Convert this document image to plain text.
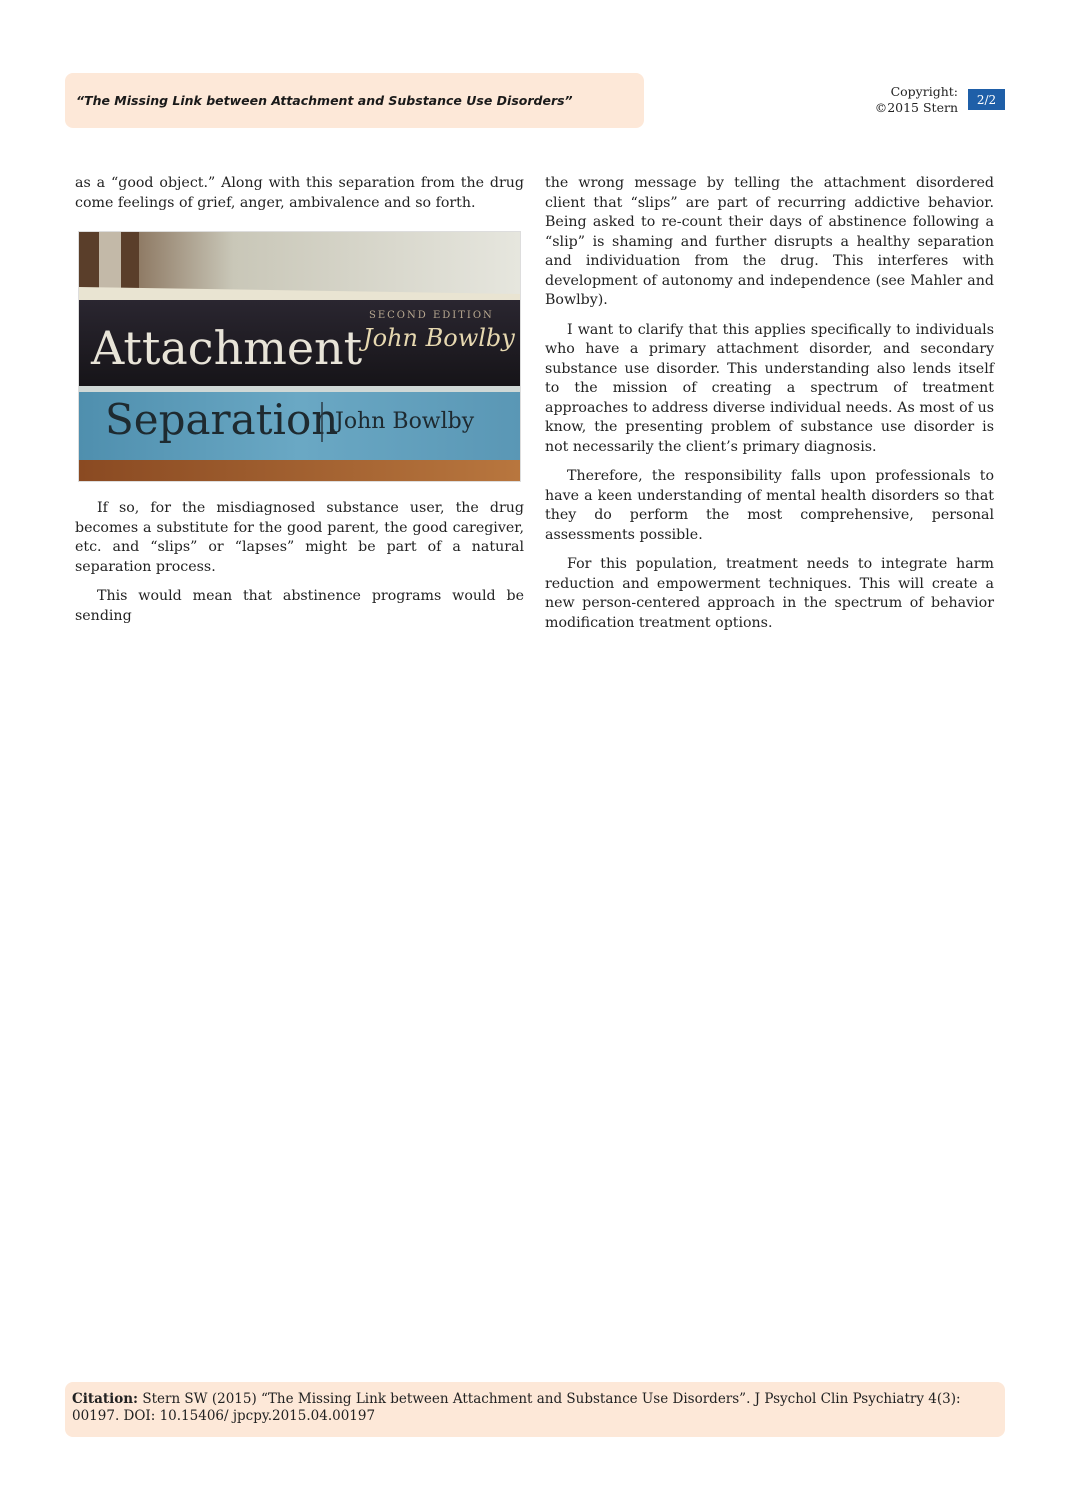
“The Missing Link between Attachment and Substance Use Disorders”
Copyright:
©2015 Stern
2/2

as a “good object.” Along with this separation from the drug come feelings of grief, anger, ambivalence and so forth.

Attachment
SECOND EDITION
John Bowlby
Separation
John Bowlby

If so, for the misdiagnosed substance user, the drug becomes a substitute for the good parent, the good caregiver, etc. and “slips” or “lapses” might be part of a natural separation process.

This would mean that abstinence programs would be sending

the wrong message by telling the attachment disordered client that “slips” are part of recurring addictive behavior. Being asked to re-count their days of abstinence following a “slip” is shaming and further disrupts a healthy separation and individuation from the drug. This interferes with development of autonomy and independence (see Mahler and Bowlby).

I want to clarify that this applies specifically to individuals who have a primary attachment disorder, and secondary substance use disorder. This understanding also lends itself to the mission of creating a spectrum of treatment approaches to address diverse individual needs. As most of us know, the presenting problem of substance use disorder is not necessarily the client’s primary diagnosis.

Therefore, the responsibility falls upon professionals to have a keen understanding of mental health disorders so that they do perform the most comprehensive, personal assessments possible.

For this population, treatment needs to integrate harm reduction and empowerment techniques. This will create a new person-centered approach in the spectrum of behavior modification treatment options.

Citation: Stern SW (2015) “The Missing Link between Attachment and Substance Use Disorders”. J Psychol Clin Psychiatry 4(3): 00197. DOI: 10.15406/ jpcpy.2015.04.00197
